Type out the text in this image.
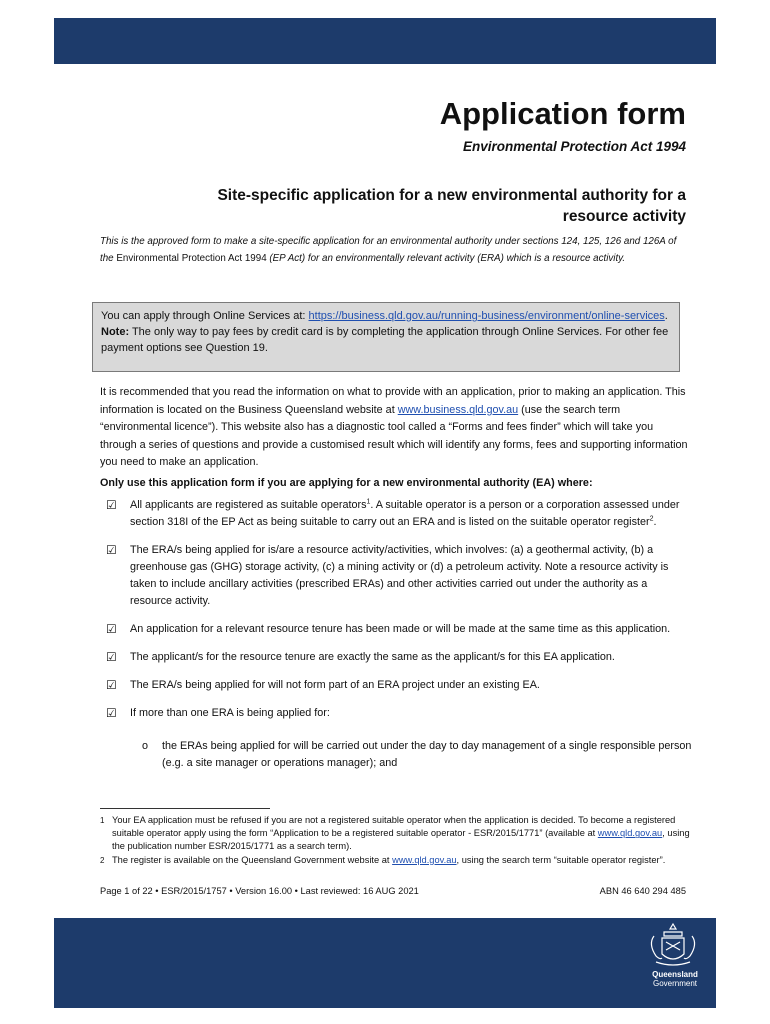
Application form
Environmental Protection Act 1994
Site-specific application for a new environmental authority for a resource activity
This is the approved form to make a site-specific application for an environmental authority under sections 124, 125, 126 and 126A of the Environmental Protection Act 1994 (EP Act) for an environmentally relevant activity (ERA) which is a resource activity.
You can apply through Online Services at: https://business.qld.gov.au/running-business/environment/online-services.
Note: The only way to pay fees by credit card is by completing the application through Online Services. For other fee payment options see Question 19.
It is recommended that you read the information on what to provide with an application, prior to making an application. This information is located on the Business Queensland website at www.business.qld.gov.au (use the search term “environmental licence”). This website also has a diagnostic tool called a “Forms and fees finder” which will take you through a series of questions and provide a customised result which will identify any forms, fees and supporting information you need to make an application.
Only use this application form if you are applying for a new environmental authority (EA) where:
☑ All applicants are registered as suitable operators$^1$. A suitable operator is a person or a corporation assessed under section 318I of the EP Act as being suitable to carry out an ERA and is listed on the suitable operator register$^2$.
☑ The ERA/s being applied for is/are a resource activity/activities, which involves: (a) a geothermal activity, (b) a greenhouse gas (GHG) storage activity, (c) a mining activity or (d) a petroleum activity. Note a resource activity is taken to include ancillary activities (prescribed ERAs) and other activities carried out under the authority as a resource activity.
☑ An application for a relevant resource tenure has been made or will be made at the same time as this application.
☑ The applicant/s for the resource tenure are exactly the same as the applicant/s for this EA application.
☑ The ERA/s being applied for will not form part of an ERA project under an existing EA.
☑ If more than one ERA is being applied for:
o the ERAs being applied for will be carried out under the day to day management of a single responsible person (e.g. a site manager or operations manager); and
1 Your EA application must be refused if you are not a registered suitable operator when the application is decided. To become a registered suitable operator apply using the form “Application to be a registered suitable operator - ESR/2015/1771” (available at www.qld.gov.au, using the publication number ESR/2015/1771 as a search term).
2 The register is available on the Queensland Government website at www.qld.gov.au, using the search term “suitable operator register”.
Page 1 of 22 • ESR/2015/1757 • Version 16.00 • Last reviewed: 16 AUG 2021	ABN 46 640 294 485
Queensland
Government
